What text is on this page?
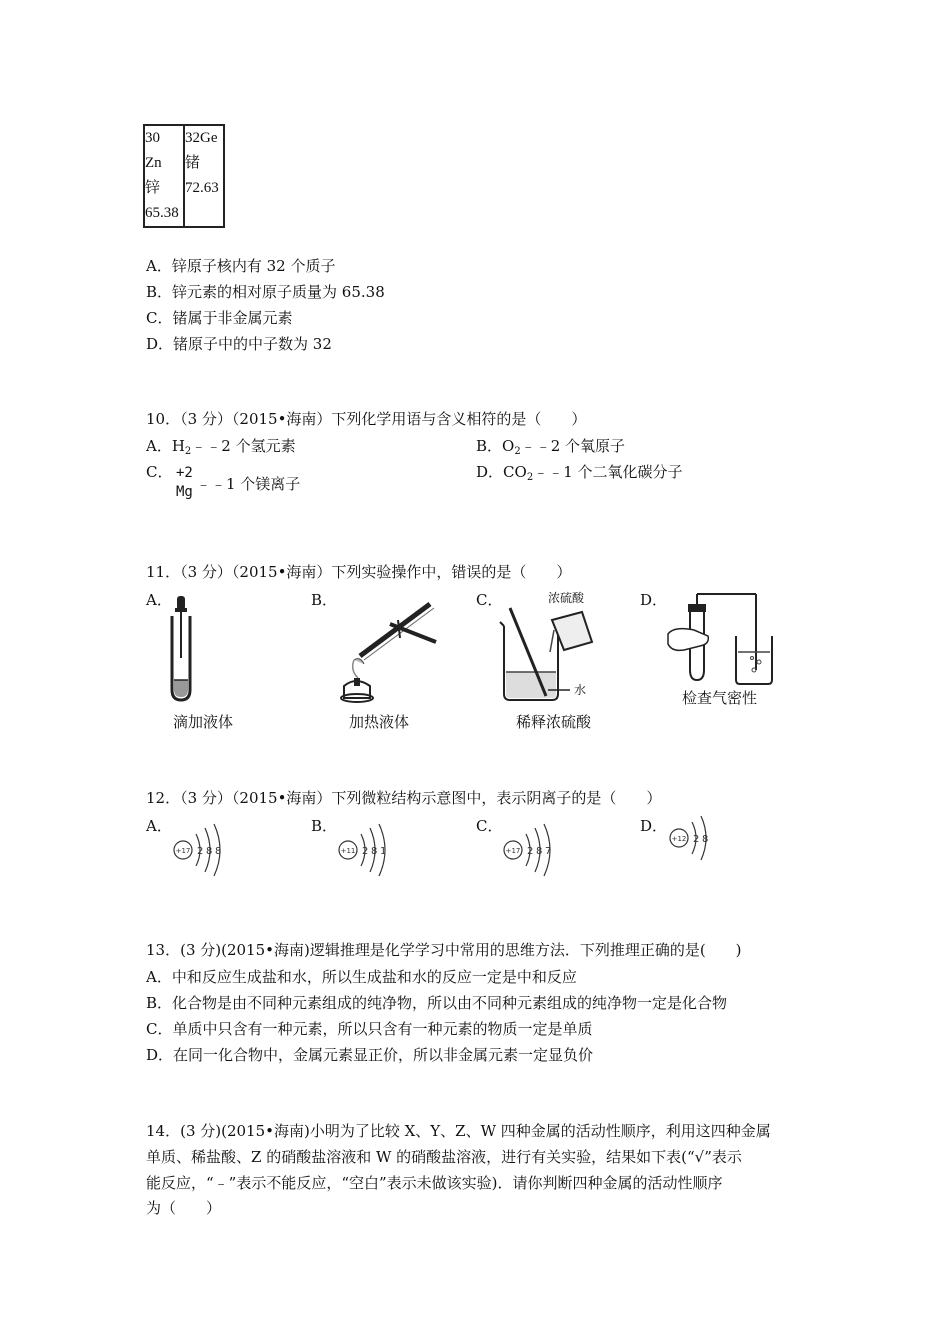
30
Zn
锌
65.38

32Ge
锗
72.63
A．锌原子核内有 32 个质子
B．锌元素的相对原子质量为 65.38
C．锗属于非金属元素
D．锗原子中的中子数为 32
10．（3 分）（2015•海南）下列化学用语与含义相符的是（　　）
A．$H_2﹣﹣2$ 个氢元素	B．$O_2﹣﹣2$ 个氧原子
C． +2
Mg ﹣﹣1 个镁离子
D．$CO_2﹣﹣1$ 个二氧化碳分子
11．（3 分）（2015•海南）下列实验操作中，错误的是（　　）
A．	B．	C．	D．
滴加液体	加热液体
浓硫酸
水
稀释浓硫酸
检查气密性
12．（3 分）（2015•海南）下列微粒结构示意图中，表示阴离子的是（　　）
A．	B．	C．	D．
+17 2 8 8	+11 2 8 1	+17 2 8 7
+12 2 8
13．(3 分)(2015•海南)逻辑推理是化学学习中常用的思维方法．下列推理正确的是(　　)
A．中和反应生成盐和水，所以生成盐和水的反应一定是中和反应
B．化合物是由不同种元素组成的纯净物，所以由不同种元素组成的纯净物一定是化合物
C．单质中只含有一种元素，所以只含有一种元素的物质一定是单质
D．在同一化合物中，金属元素显正价，所以非金属元素一定显负价
14．(3 分)(2015•海南)小明为了比较 X、Y、Z、W 四种金属的活动性顺序，利用这四种金属
单质、稀盐酸、Z 的硝酸盐溶液和 W 的硝酸盐溶液，进行有关实验，结果如下表(“√”表示
能反应，“﹣”表示不能反应，“空白”表示未做该实验)．请你判断四种金属的活动性顺序
为（　　）
